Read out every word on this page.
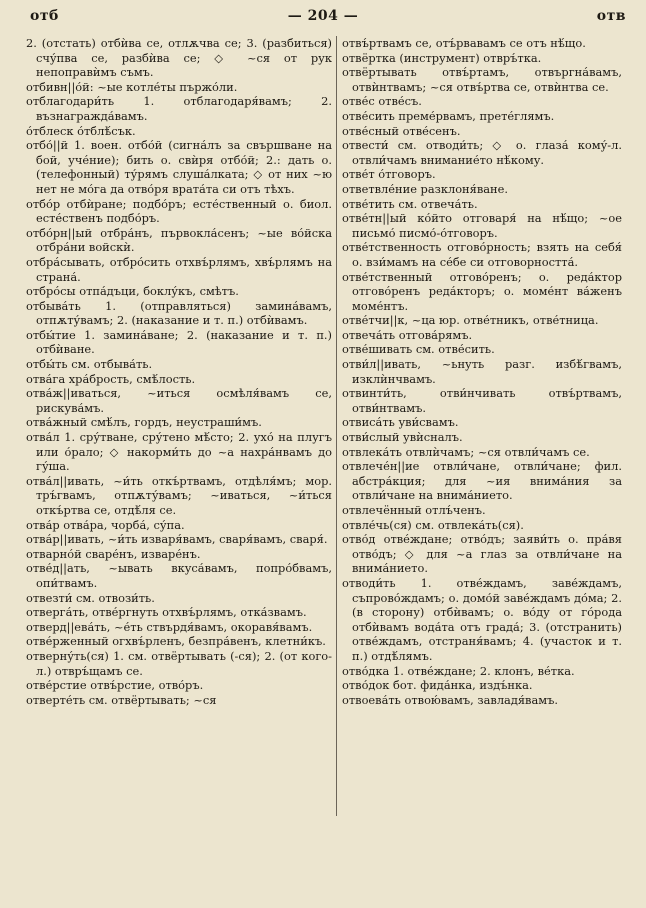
отб	— 204 —	отв

2. (отстать) отбѝва се, отлѫчва се; 3. (разбиться) счу́пва се, разбѝва се; ◇ ~ся от рук непоправѝмъ съмъ.

отбивн||о́й: ~ые котле́ты пържо́ли.

отблагодари́ть 1. отблагодаря́вамъ; 2. възнагражда́вамъ.

о́тблеск о́тблѣ́сък.

отбо́||й 1. воен. отбо́й (сигна́лъ за свършване на бой, уче́ние); бить о. свѝря отбо́й; 2.: дать о. (телефонный) ту́рямъ слуша́лката; ◇ от них ~ю нет не мо́га да отво́ря врата́та си отъ тѣхъ.

отбо́р отбѝране; подбо́ръ; есте́ственный о. биол. есте́ственъ подбо́ръ.

отбо́рн||ый отбра́нъ, първокла́сенъ; ~ые во́йска отбра́ни войскѝ.

отбра́сывать, отбро́сить отхвъ́рлямъ, хвъ́рлямъ на страна́.

отбро́сы отпа́дъци, боклу́къ, смѣтъ.

отбыва́ть 1. (отправляться) замина́вамъ, отпѫту́вамъ; 2. (наказание и т. п.) отбѝвамъ.

отбы́тие 1. замина́ване; 2. (наказание и т. п.) отбѝване.

отбы́ть см. отбыва́ть.

отва́га хра́брость, смѣ́лость.

отва́ж||иваться, ~иться осмѣля́вамъ се, рискува́мъ.

отва́жный смѣ́лъ, гордъ, неустраши́мъ.

отва́л 1. сру́тване, сру́тено мѣ́сто; 2. ухо́ на плугъ или о́рало; ◇ накорми́ть до ~а нахра́нвамъ до гу́ша.

отва́л||ивать, ~и́ть откъ́ртвамъ, отдѣля́мъ; мор. тръ́гвамъ, отпѫту́вамъ; ~иваться, ~и́ться откъ́ртва се, отдѣ́ля се.

отва́р отва́ра, чорба́, су́па.

отва́р||ивать, ~и́ть изваря́вамъ, сваря́вамъ, сваря́.

отварно́й сваре́нъ, изваре́нъ.

отве́д||ать, ~ывать вкуса́вамъ, попро́бвамъ, опи́твамъ.

отвезти́ см. отвози́ть.

отверга́ть, отве́ргнуть отхвъ́рлямъ, отка́звамъ.

отверд||ева́ть, ~е́ть ствърдя́вамъ, окоравя́вамъ.

отве́рженный огхвъ́рленъ, безпра́венъ, клетни́къ.

отверну́ть(ся) 1. см. отвёртывать (-ся); 2. (от кого-л.) отвръ́щамъ се.

отве́рстие отвъ́рстие, отво́ръ.

отверте́ть см. отвёртывать; ~ся

отвъ́ртвамъ се, отъ́рвавамъ се отъ нѣ́що.

отвёртка (инструмент) отвръ́тка.

отвёртывать отвъ́ртамъ, отвъргна́вамъ, отвѝнтвамъ; ~ся отвъ́ртва се, отвѝнтва се.

отве́с отве́съ.

отве́сить преме́рвамъ, прете́глямъ.

отве́сный отве́сенъ.

отвести́ см. отводи́ть; ◇ о. глаза́ кому́-л. отвли́чамъ внимание́то нѣ́кому.

отве́т о́тговоръ.

ответвле́ние разклоня́ване.

отве́тить см. отвеча́ть.

отве́тн||ый ко́йто отговаря́ на нѣ́що; ~ое письмо́ писмо́-о́тговоръ.

отве́тственность отгово́рность; взять на себя́ о. взи́мамъ на се́бе си отговорността́.

отве́тственный отгово́ренъ; о. реда́ктор отгово́ренъ реда́кторъ; о. моме́нт ва́женъ моме́нтъ.

отве́тчи||к, ~ца юр. отве́тникъ, отве́тница.

отвеча́ть отгова́рямъ.

отве́шивать см. отве́сить.

отви́л||ивать, ~ьнуть разг. избѣ́гвамъ, изклѝнчвамъ.

отвинти́ть, отви́нчивать отвъ́ртвамъ, отви́нтвамъ.

отвиса́ть уви́свамъ.

отви́слый увѝсналъ.

отвлека́ть отвлѝчамъ; ~ся отвли́чамъ се.

отвлече́н||ие отвли́чане, отвли́чане; фил. абстра́кция; для ~ия внима́ния за отвли́чане на внима́нието.

отвлечённый отлъ́ченъ.

отвле́чь(ся) см. отвлека́ть(ся).

отво́д отве́ждане; отво́дъ; заяви́ть о. пра́вя отво́дъ; ◇ для ~а глаз за отвли́чане на внима́нието.

отводи́ть 1. отве́ждамъ, заве́ждамъ, съпрово́ждамъ; о. домо́й заве́ждамъ до́ма; 2. (в сторону) отбѝвамъ; о. во́ду от го́рода отбѝвамъ вода́та отъ града́; 3. (отстранить) отве́ждамъ, отстраня́вамъ; 4. (участок и т. п.) отдѣ́лямъ.

отво́дка 1. отве́ждане; 2. клонъ, ве́тка.

отво́док бот. фида́нка, издъ́нка.

отвоева́ть отвою́вамъ, завладя́вамъ.
